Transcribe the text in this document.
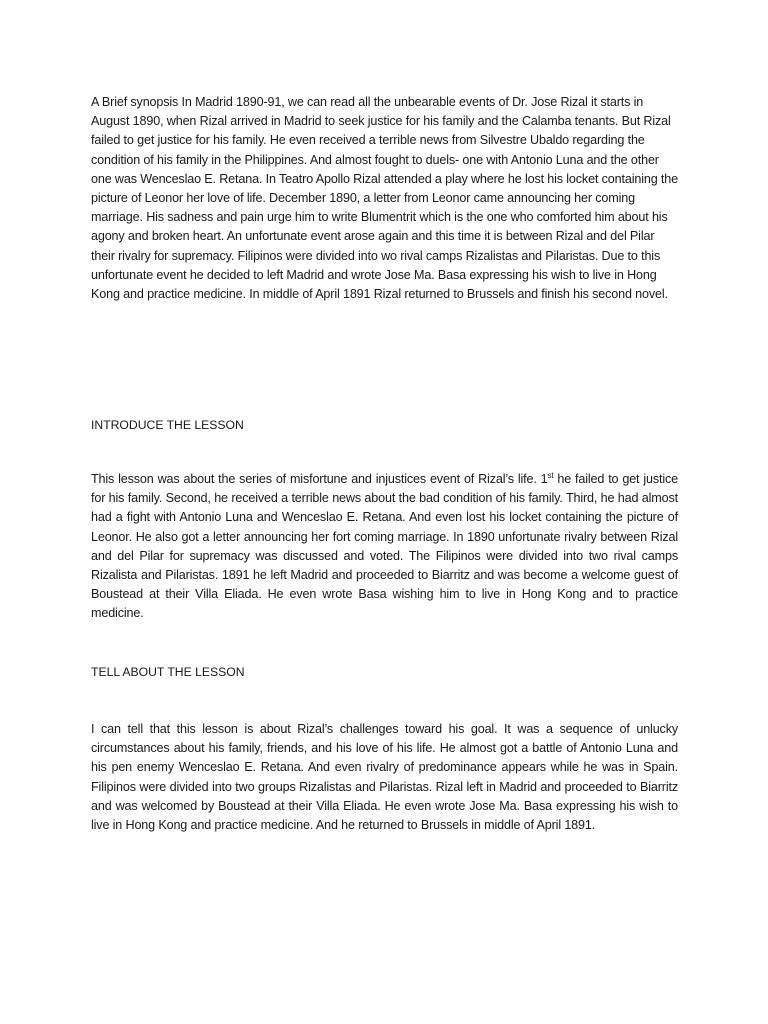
A Brief synopsis In Madrid 1890-91, we can read all the unbearable events of Dr. Jose Rizal it starts in August 1890, when Rizal arrived in Madrid to seek justice for his family and the Calamba tenants. But Rizal failed to get justice for his family. He even received a terrible news from Silvestre Ubaldo regarding the condition of his family in the Philippines. And almost fought to duels- one with Antonio Luna and the other one was Wenceslao E. Retana. In Teatro Apollo Rizal attended a play where he lost his locket containing the picture of Leonor her love of life. December 1890, a letter from Leonor came announcing her coming marriage. His sadness and pain urge him to write Blumentrit which is the one who comforted him about his agony and broken heart. An unfortunate event arose again and this time it is between Rizal and del Pilar their rivalry for supremacy. Filipinos were divided into wo rival camps Rizalistas and Pilaristas. Due to this unfortunate event he decided to left Madrid and wrote Jose Ma. Basa expressing his wish to live in Hong Kong and practice medicine. In middle of April 1891 Rizal returned to Brussels and finish his second novel.

INTRODUCE THE LESSON

This lesson was about the series of misfortune and injustices event of Rizal’s life. 1st he failed to get justice for his family. Second, he received a terrible news about the bad condition of his family. Third, he had almost had a fight with Antonio Luna and Wenceslao E. Retana. And even lost his locket containing the picture of Leonor. He also got a letter announcing her fort coming marriage. In 1890 unfortunate rivalry between Rizal and del Pilar for supremacy was discussed and voted. The Filipinos were divided into two rival camps Rizalista and Pilaristas. 1891 he left Madrid and proceeded to Biarritz and was become a welcome guest of Boustead at their Villa Eliada. He even wrote Basa wishing him to live in Hong Kong and to practice medicine.

TELL ABOUT THE LESSON

I can tell that this lesson is about Rizal’s challenges toward his goal. It was a sequence of unlucky circumstances about his family, friends, and his love of his life. He almost got a battle of Antonio Luna and his pen enemy Wenceslao E. Retana. And even rivalry of predominance appears while he was in Spain. Filipinos were divided into two groups Rizalistas and Pilaristas. Rizal left in Madrid and proceeded to Biarritz and was welcomed by Boustead at their Villa Eliada. He even wrote Jose Ma. Basa expressing his wish to live in Hong Kong and practice medicine. And he returned to Brussels in middle of April 1891.
